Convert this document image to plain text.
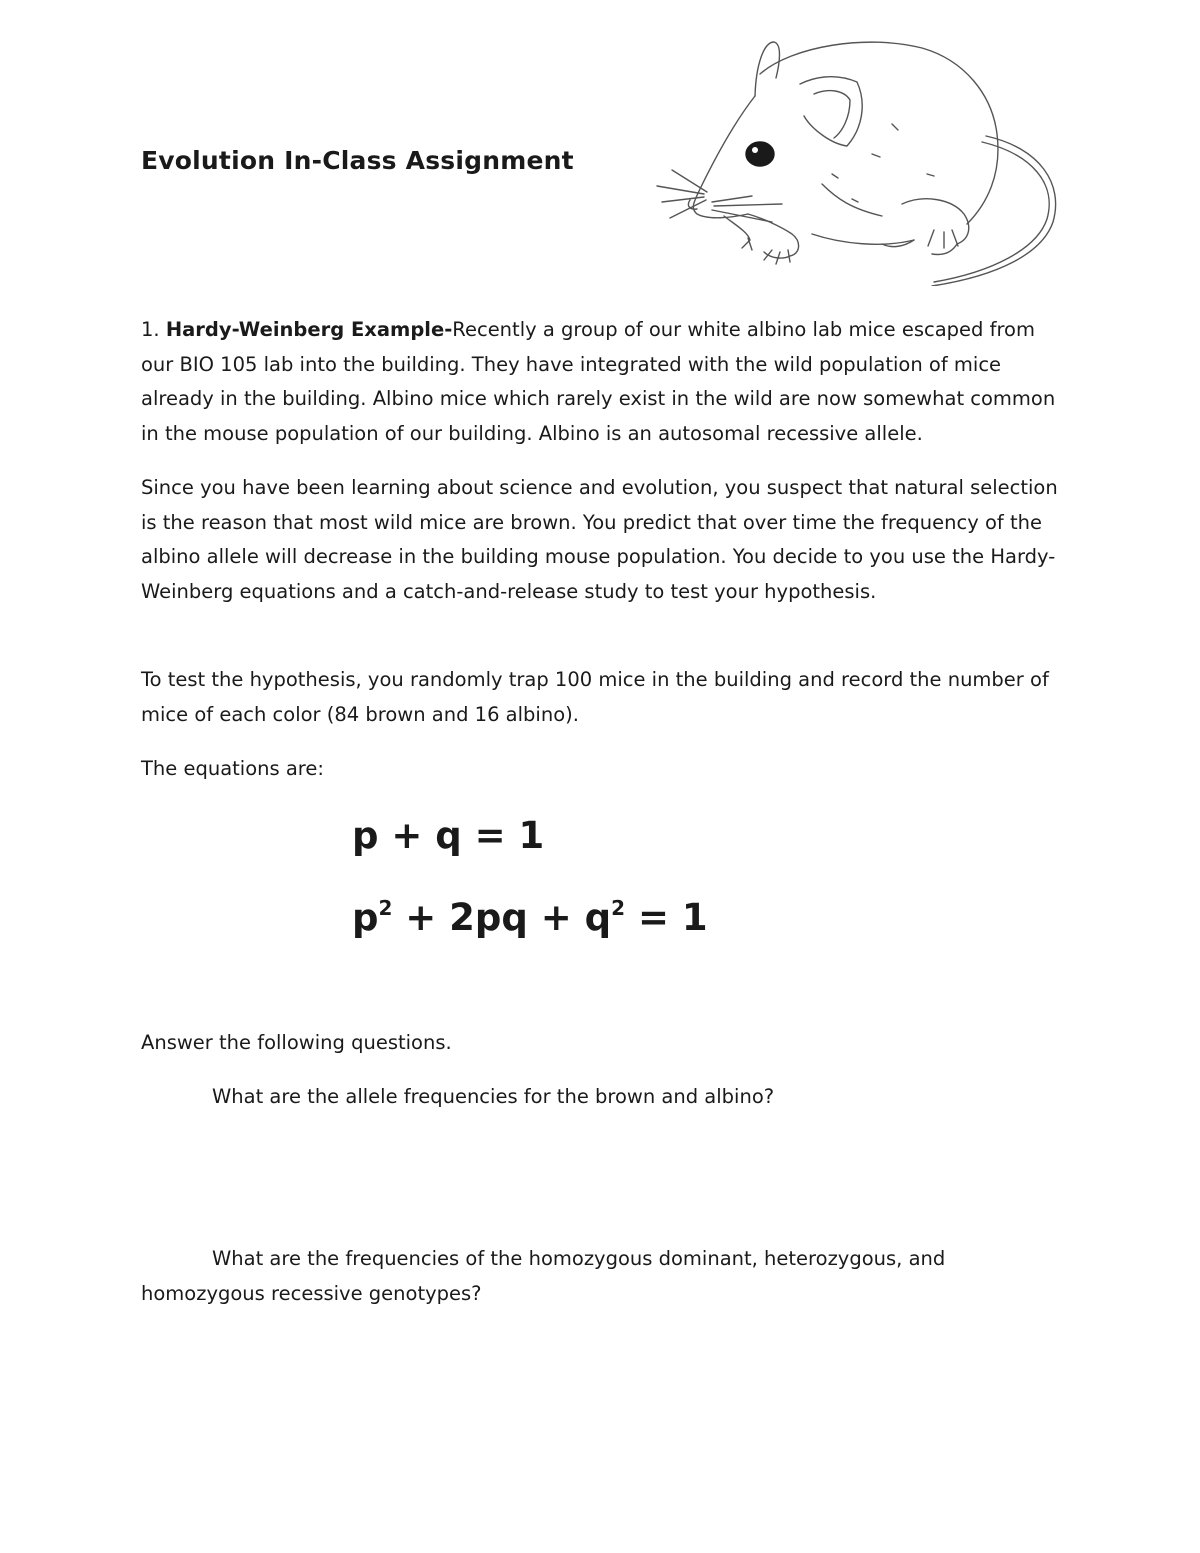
Evolution In-Class Assignment

1. Hardy-Weinberg Example-Recently a group of our white albino lab mice escaped from our BIO 105 lab into the building. They have integrated with the wild population of mice already in the building. Albino mice which rarely exist in the wild are now somewhat common in the mouse population of our building. Albino is an autosomal recessive allele.

Since you have been learning about science and evolution, you suspect that natural selection is the reason that most wild mice are brown. You predict that over time the frequency of the albino allele will decrease in the building mouse population. You decide to you use the Hardy-Weinberg equations and a catch-and-release study to test your hypothesis.

To test the hypothesis, you randomly trap 100 mice in the building and record the number of mice of each color (84 brown and 16 albino).

The equations are:

p + q = 1

$p^2 + 2pq + q^2 = 1$

Answer the following questions.

What are the allele frequencies for the brown and albino?

What are the frequencies of the homozygous dominant, heterozygous, and homozygous recessive genotypes?
